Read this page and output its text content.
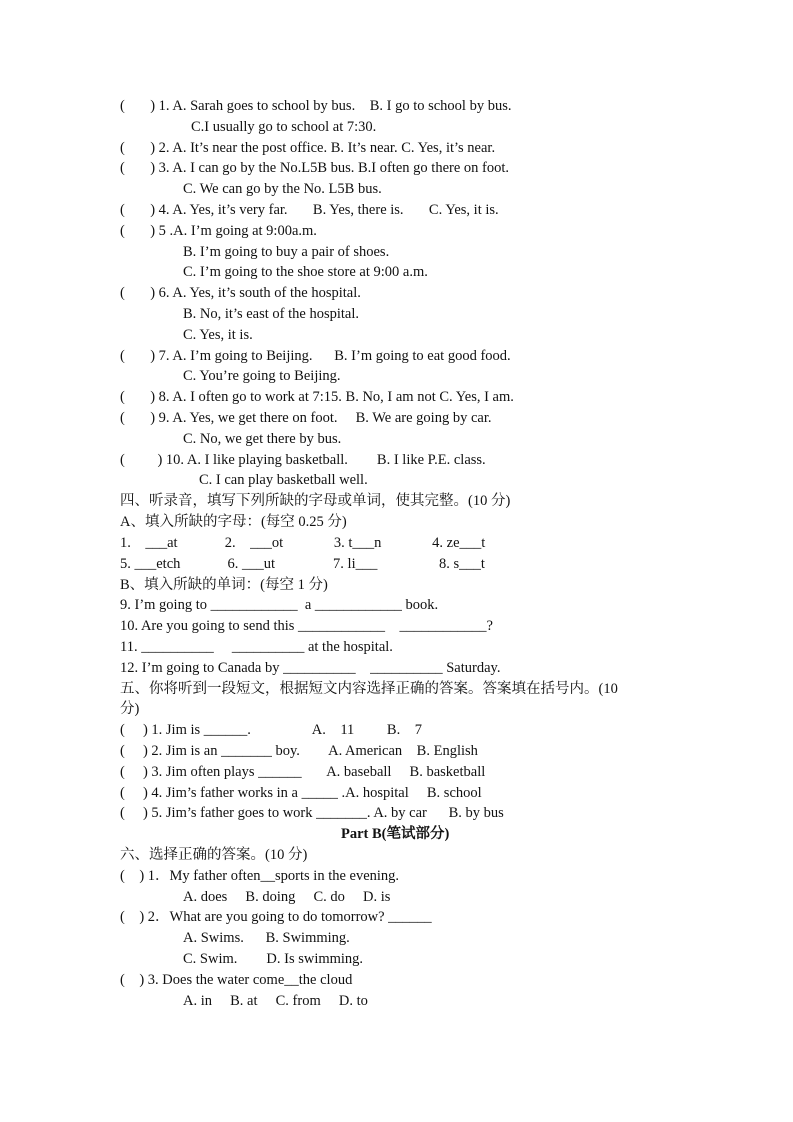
(       ) 1. A. Sarah goes to school by bus.    B. I go to school by bus.
C.I usually go to school at 7:30.
(       ) 2. A. It’s near the post office. B. It’s near. C. Yes, it’s near.
(       ) 3. A. I can go by the No.L5B bus. B.I often go there on foot.
C. We can go by the No. L5B bus.
(       ) 4. A. Yes, it’s very far.       B. Yes, there is.       C. Yes, it is.
(       ) 5 .A. I’m going at 9:00a.m.
B. I’m going to buy a pair of shoes.
C. I’m going to the shoe store at 9:00 a.m.
(       ) 6. A. Yes, it’s south of the hospital.
B. No, it’s east of the hospital.
C. Yes, it is.
(       ) 7. A. I’m going to Beijing.      B. I’m going to eat good food.
C. You’re going to Beijing.
(       ) 8. A. I often go to work at 7:15. B. No, I am not C. Yes, I am.
(       ) 9. A. Yes, we get there on foot.     B. We are going by car.
C. No, we get there by bus.
(         ) 10. A. I like playing basketball.        B. I like P.E. class.
C. I can play basketball well.
四、听录音，填写下列所缺的字母或单词，使其完整。(10 分)
A、填入所缺的字母：(每空 0.25 分)
1.    ___at             2.    ___ot              3. t___n              4. ze___t
5. ___etch             6. ___ut                7. li___                 8. s___t
B、填入所缺的单词：(每空 1 分)
9. I’m going to ____________  a ____________ book.
10. Are you going to send this ____________    ____________?
11. __________     __________ at the hospital.
12. I’m going to Canada by __________    __________ Saturday.
五、你将听到一段短文，根据短文内容选择正确的答案。答案填在括号内。(10
分)
(     ) 1. Jim is ______.                 A.    11         B.    7
(     ) 2. Jim is an _______ boy.        A. American    B. English
(     ) 3. Jim often plays ______       A. baseball     B. basketball
(     ) 4. Jim’s father works in a _____ .A. hospital     B. school
(     ) 5. Jim’s father goes to work _______. A. by car      B. by bus
Part B(笔试部分)
六、选择正确的答案。(10 分)
(    ) 1．My father often__sports in the evening.
A. does     B. doing     C. do     D. is
(    ) 2．What are you going to do tomorrow? ______
A. Swims.      B. Swimming.
C. Swim.        D. Is swimming.
(    ) 3. Does the water come__the cloud
A. in     B. at     C. from     D. to
